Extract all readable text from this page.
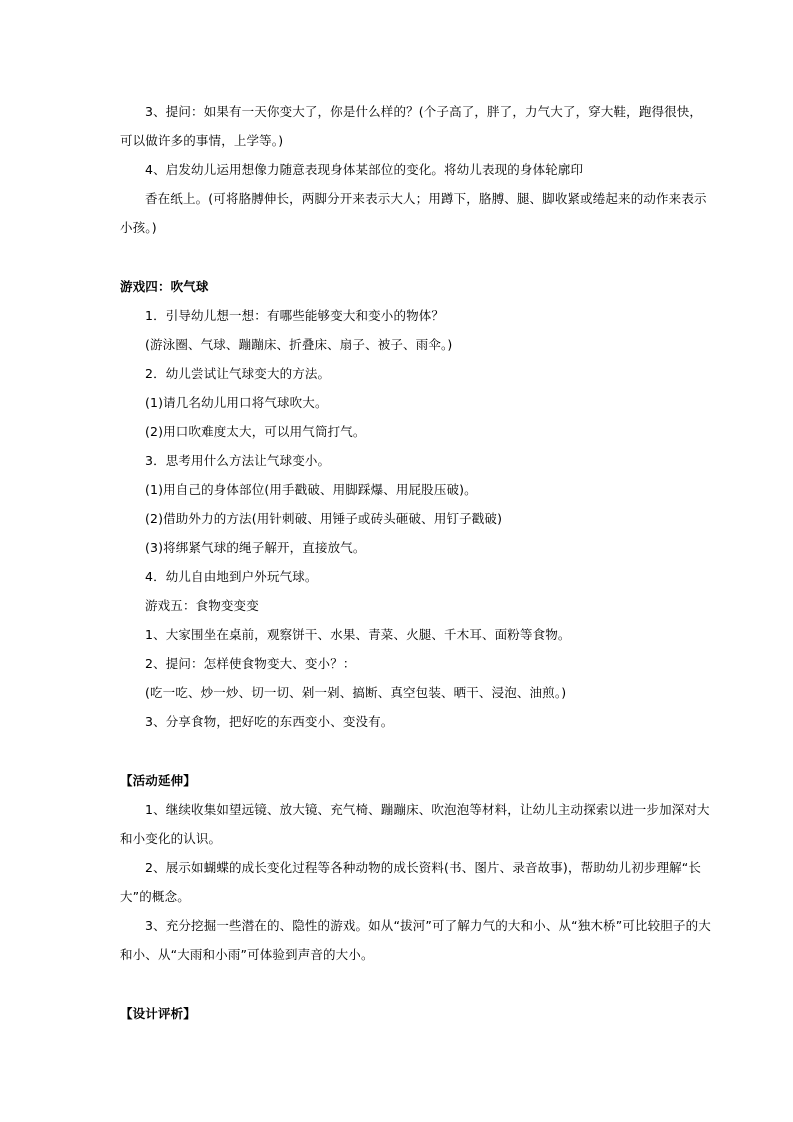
3、提问：如果有一天你变大了，你是什么样的？(个子高了，胖了，力气大了，穿大鞋，跑得很快，
可以做许多的事情，上学等。)
4、启发幼儿运用想像力随意表现身体某部位的变化。将幼儿表现的身体轮廓印
香在纸上。(可将胳膊伸长，两脚分开来表示大人；用蹲下，胳膊、腿、脚收紧或绻起来的动作来表示
小孩。)
游戏四：吹气球
1．引导幼儿想一想：有哪些能够变大和变小的物体？
(游泳圈、气球、蹦蹦床、折叠床、扇子、被子、雨伞。)
2．幼儿尝试让气球变大的方法。
(1)请几名幼儿用口将气球吹大。
(2)用口吹难度太大，可以用气筒打气。
3．思考用什么方法让气球变小。
(1)用自己的身体部位(用手戳破、用脚踩爆、用屁股压破)。
(2)借助外力的方法(用针刺破、用锤子或砖头砸破、用钉子戳破)
(3)将绑紧气球的绳子解开，直接放气。
4．幼儿自由地到户外玩气球。
游戏五：食物变变变
1、大家围坐在桌前，观察饼干、水果、青菜、火腿、千木耳、面粉等食物。
2、提问：怎样使食物变大、变小？：
(吃一吃、炒一炒、切一切、剁一剁、搞断、真空包装、晒干、浸泡、油煎。)
3、分享食物，把好吃的东西变小、变没有。
【活动延伸】
1、继续收集如望远镜、放大镜、充气椅、蹦蹦床、吹泡泡等材料，让幼儿主动探索以进一步加深对大
和小变化的认识。
2、展示如蝴蝶的成长变化过程等各种动物的成长资料(书、图片、录音故事)，帮助幼儿初步理解“长
大”的概念。
3、充分挖掘一些潜在的、隐性的游戏。如从“拔河”可了解力气的大和小、从“独木桥”可比较胆子的大
和小、从“大雨和小雨”可体验到声音的大小。
【设计评析】
